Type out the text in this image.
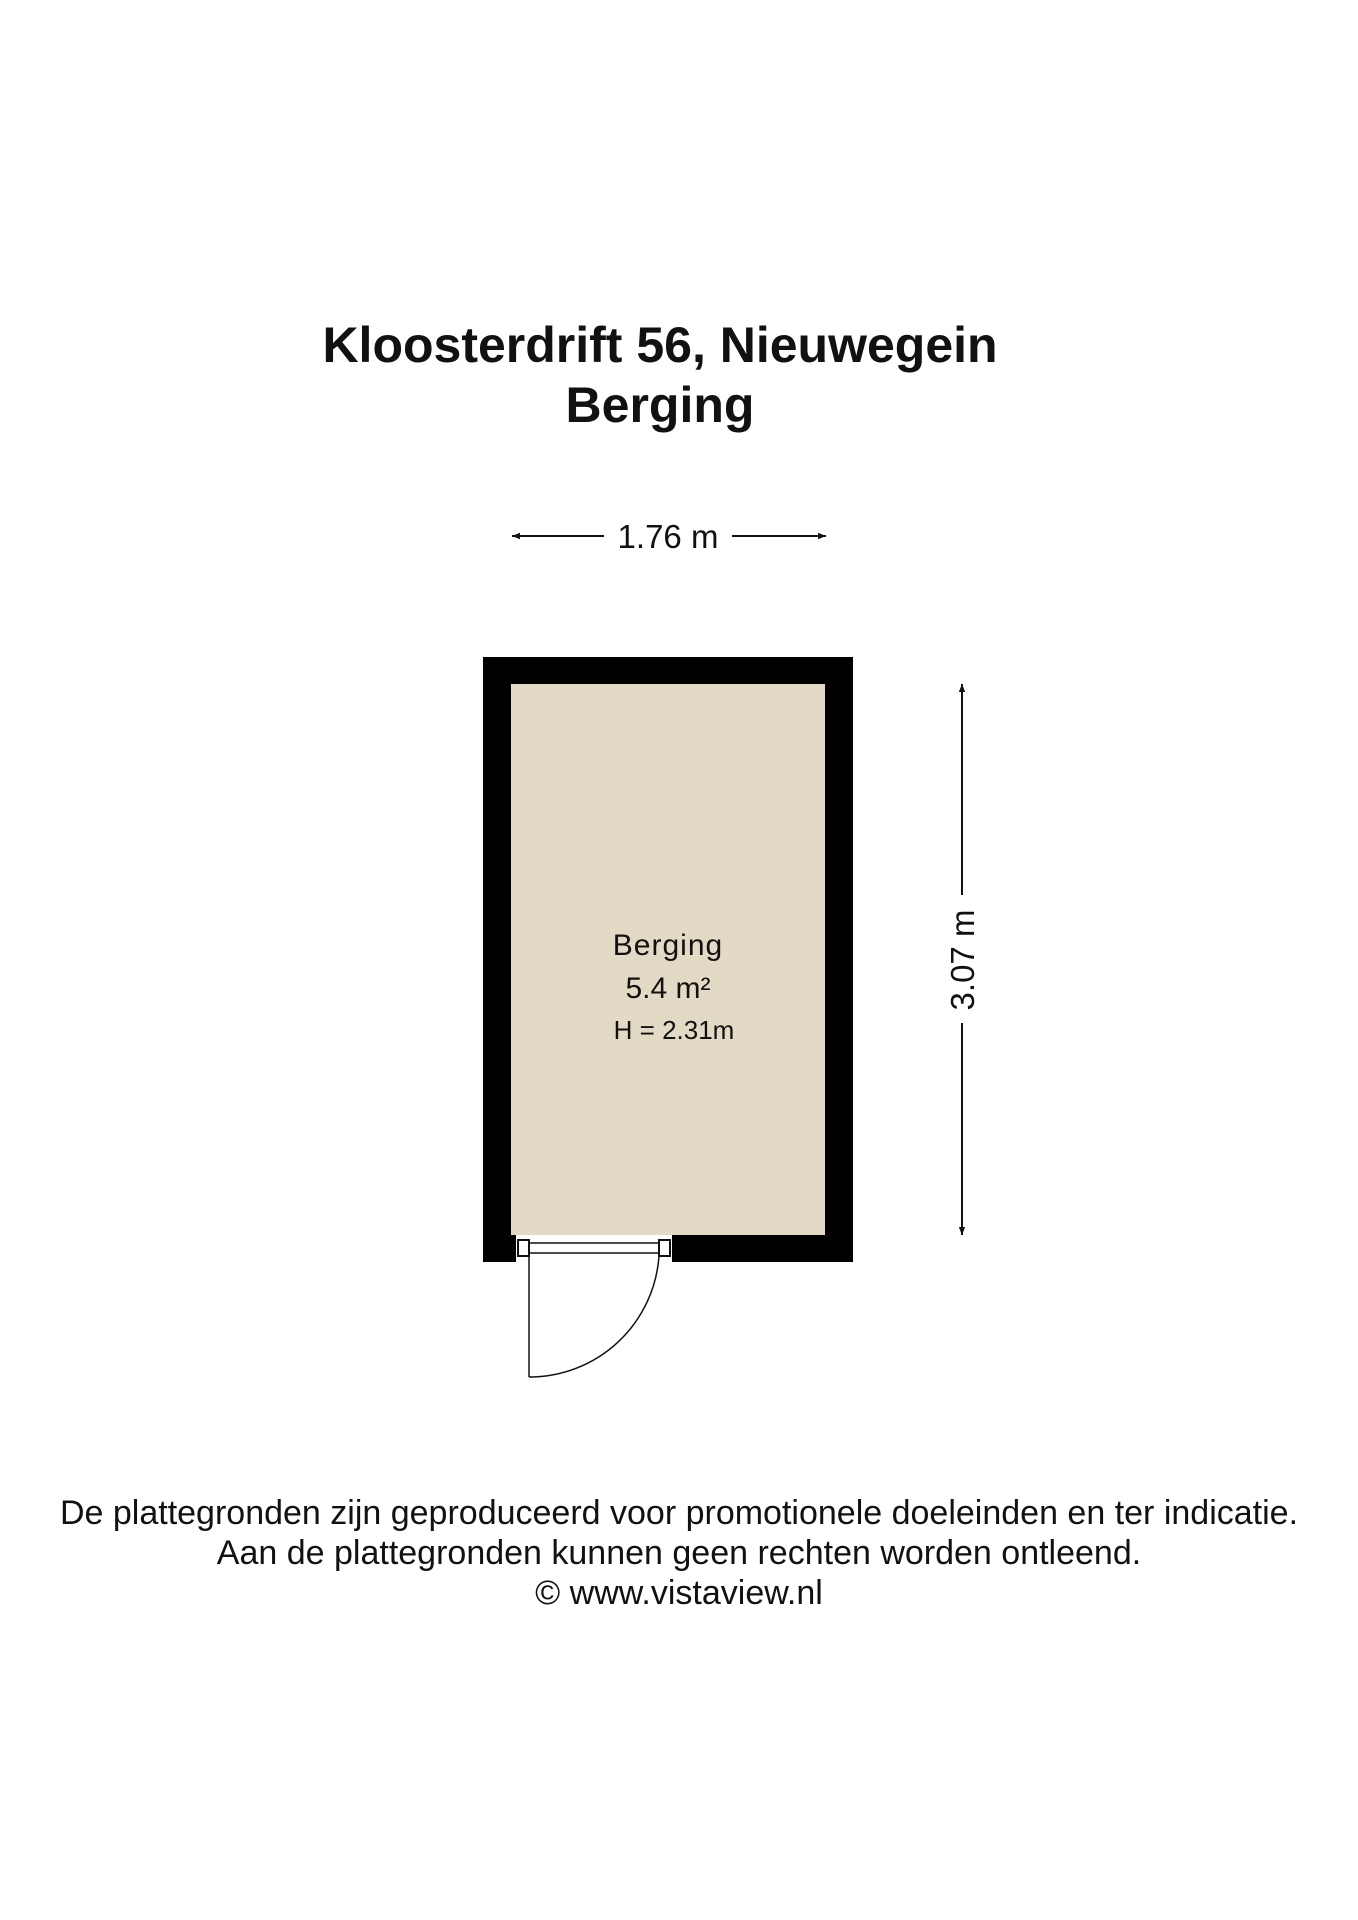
Kloosterdrift 56, Nieuwegein
Berging
1.76 m
Berging
5.4 m²
H = 2.31m
3.07 m
De plattegronden zijn geproduceerd voor promotionele doeleinden en ter indicatie.
Aan de plattegronden kunnen geen rechten worden ontleend.
© www.vistaview.nl
